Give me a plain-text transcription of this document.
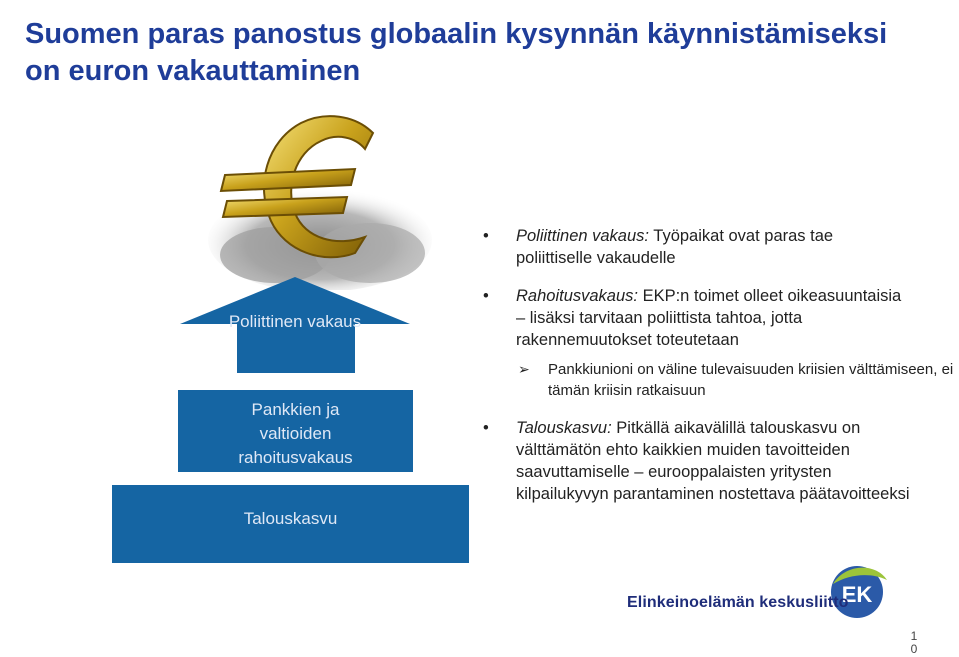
Suomen paras panostus globaalin kysynnän käynnistämiseksi
on euron vakauttaminen
Poliittinen vakaus
Pankkien ja
valtioiden
rahoitusvakaus
Talouskasvu
• Poliittinen vakaus: Työpaikat ovat paras tae
poliittiselle vakaudelle
• Rahoitusvakaus: EKP:n toimet olleet oikeasuuntaisia
– lisäksi tarvitaan poliittista tahtoa, jotta
rakennemuutokset toteutetaan
➢ Pankkiunioni on väline tulevaisuuden kriisien välttämiseen, ei tämän kriisin ratkaisuun
• Talouskasvu: Pitkällä aikavälillä talouskasvu on
välttämätön ehto kaikkien muiden tavoitteiden
saavuttamiselle – eurooppalaisten yritysten
kilpailukyvyn parantaminen nostettava päätavoitteeksi
EK
Elinkeinoelämän keskusliitto
1
0
